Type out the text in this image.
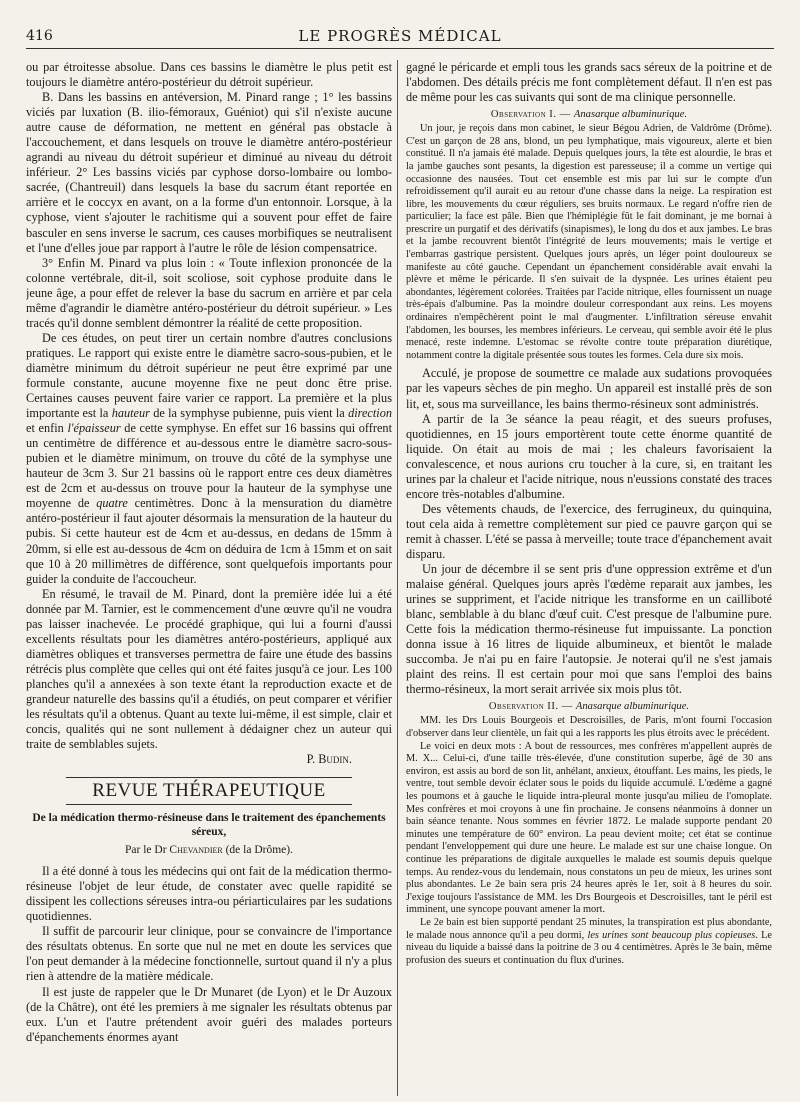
416	LE PROGRÈS MÉDICAL

ou par étroitesse absolue. Dans ces bassins le diamètre le plus petit est toujours le diamètre antéro-postérieur du détroit supérieur.

B. Dans les bassins en antéversion, M. Pinard range ; 1° les bassins viciés par luxation (B. ilio-fémoraux, Guéniot) qui s'il n'existe aucune autre cause de déformation, ne mettent en général pas obstacle à l'accouchement, et dans lesquels on trouve le diamètre antéro-postérieur agrandi au niveau du détroit supérieur et diminué au niveau du détroit inférieur. 2° Les bassins viciés par cyphose dorso-lombaire ou lombo-sacrée, (Chantreuil) dans lesquels la base du sacrum étant reportée en arrière et le coccyx en avant, on a la forme d'un entonnoir. Lorsque, à la cyphose, vient s'ajouter le rachitisme qui a souvent pour effet de faire basculer en sens inverse le sacrum, ces causes morbifiques se neutralisent et l'une d'elles joue par rapport à l'autre le rôle de lésion compensatrice.

3° Enfin M. Pinard va plus loin : « Toute inflexion prononcée de la colonne vertébrale, dit-il, soit scoliose, soit cyphose produite dans le jeune âge, a pour effet de relever la base du sacrum en arrière et par cela même d'agrandir le diamètre antéro-postérieur du détroit supérieur. » Les tracés qu'il donne semblent démontrer la réalité de cette proposition.

De ces études, on peut tirer un certain nombre d'autres conclusions pratiques. Le rapport qui existe entre le diamètre sacro-sous-pubien, et le diamètre minimum du détroit supérieur ne peut être exprimé par une formule constante, aucune moyenne fixe ne peut donc être prise. Certaines causes peuvent faire varier ce rapport. La première et la plus importante est la hauteur de la symphyse pubienne, puis vient la direction et enfin l'épaisseur de cette symphyse. En effet sur 16 bassins qui offrent un centimètre de différence et au-dessous entre le diamètre sacro-sous-pubien et le diamètre minimum, on trouve du côté de la symphyse une hauteur de 3cm 3. Sur 21 bassins où le rapport entre ces deux diamètres est de 2cm et au-dessus on trouve pour la hauteur de la symphyse une moyenne de quatre centimètres. Donc à la mensuration du diamètre antéro-postérieur il faut ajouter désormais la mensuration de la hauteur du pubis. Si cette hauteur est de 4cm et au-dessus, en dedans de 15mm à 20mm, si elle est au-dessous de 4cm on déduira de 1cm à 15mm et on sait que 10 à 20 millimètres de différence, sont quelquefois importants pour guider la conduite de l'accoucheur.

En résumé, le travail de M. Pinard, dont la première idée lui a été donnée par M. Tarnier, est le commencement d'une œuvre qu'il ne voudra pas laisser inachevée. Le procédé graphique, qui lui a fourni d'aussi excellents résultats pour les diamètres antéro-postérieurs, appliqué aux diamètres obliques et transverses permettra de faire une étude des bassins rétrécis plus complète que celles qui ont été faites jusqu'à ce jour. Les 100 planches qu'il a annexées à son texte étant la reproduction exacte et de grandeur naturelle des bassins qu'il a étudiés, on peut comparer et vérifier les résultats qu'il a obtenus. Quant au texte lui-même, il est simple, clair et concis, qualités qui ne sont nullement à dédaigner chez un auteur qui traite de semblables sujets.

P. Budin.
REVUE THÉRAPEUTIQUE
De la médication thermo-résineuse dans le traitement des épanchements séreux,
Par le Dr Chevandier (de la Drôme).

Il a été donné à tous les médecins qui ont fait de la médication thermo-résineuse l'objet de leur étude, de constater avec quelle rapidité se dissipent les collections séreuses intra-ou périarticulaires par les sudations quotidiennes.

Il suffit de parcourir leur clinique, pour se convaincre de l'importance des résultats obtenus. En sorte que nul ne met en doute les services que l'on peut demander à la médecine fonctionnelle, surtout quand il n'y a plus rien à attendre de la matière médicale.

Il est juste de rappeler que le Dr Munaret (de Lyon) et le Dr Auzoux (de la Châtre), ont été les premiers à me signaler les résultats obtenus par eux. L'un et l'autre prétendent avoir guéri des malades porteurs d'épanchements énormes ayant

gagné le péricarde et empli tous les grands sacs séreux de la poitrine et de l'abdomen. Des détails précis me font complètement défaut. Il n'en est pas de même pour les cas suivants qui sont de ma clinique personnelle.

Observation I. — Anasarque albuminurique.

Un jour, je reçois dans mon cabinet, le sieur Bégou Adrien, de Valdrôme (Drôme). C'est un garçon de 28 ans, blond, un peu lymphatique, mais vigoureux, alerte et bien constitué. Il n'a jamais été malade. Depuis quelques jours, la tête est alourdie, le bras et la jambe gauches sont pesants, la digestion est paresseuse; il a comme un vertige qui occasionne des nausées. Tout cet ensemble est mis par lui sur le compte d'un refroidissement qu'il aurait eu au retour d'une chasse dans la neige. La respiration est libre, les mouvements du cœur réguliers, ses bruits normaux. Le regard n'offre rien de particulier; la face est pâle. Bien que l'hémiplégie fût le fait dominant, je me bornai à prescrire un purgatif et des dérivatifs (sinapismes), le long du dos et aux jambes. Le bras et la jambe recouvrent bientôt l'intégrité de leurs mouvements; mais le vertige et l'embarras gastrique persistent. Quelques jours après, un léger point douloureux se manifeste au côté gauche. Cependant un épanchement considérable avait envahi la plèvre et même le péricarde. Il s'en suivait de la dyspnée. Les urines étaient peu abondantes, légèrement colorées. Traitées par l'acide nitrique, elles fournissent un nuage très-épais d'albumine. Pas la moindre douleur correspondant aux reins. Les moyens ordinaires n'empêchèrent point le mal d'augmenter. L'infiltration séreuse envahit l'abdomen, les bourses, les membres inférieurs. Le cerveau, qui semble avoir été le plus menacé, reste indemne. L'estomac se révolte contre toute préparation diurétique, notamment contre la digitale présentée sous toutes les formes. Cela dure six mois.

Acculé, je propose de soumettre ce malade aux sudations provoquées par les vapeurs sèches de pin megho. Un appareil est installé près de son lit, et, sous ma surveillance, les bains thermo-résineux sont administrés.

A partir de la 3e séance la peau réagit, et des sueurs profuses, quotidiennes, en 15 jours emportèrent toute cette énorme quantité de liquide. On était au mois de mai ; les chaleurs favorisaient la convalescence, et nous aurions cru toucher à la cure, si, en traitant les urines par la chaleur et l'acide nitrique, nous n'eussions constaté des traces encore très-notables d'albumine.

Des vêtements chauds, de l'exercice, des ferrugineux, du quinquina, tout cela aida à remettre complètement sur pied ce pauvre garçon qui se remit à chasser. L'été se passa à merveille; toute trace d'épanchement avait disparu.

Un jour de décembre il se sent pris d'une oppression extrême et d'un malaise général. Quelques jours après l'œdème reparait aux jambes, les urines se suppriment, et l'acide nitrique les transforme en un cailliboté blanc, semblable à du blanc d'œuf cuit. C'est presque de l'albumine pure. Cette fois la médication thermo-résineuse fut impuissante. La ponction donna issue à 16 litres de liquide albumineux, et bientôt le malade succomba. Je n'ai pu en faire l'autopsie. Je noterai qu'il ne s'est jamais plaint des reins. Il est certain pour moi que sans l'emploi des bains thermo-résineux, la mort serait arrivée six mois plus tôt.

Observation II. — Anasarque albuminurique.

MM. les Drs Louis Bourgeois et Descroisilles, de Paris, m'ont fourni l'occasion d'observer dans leur clientèle, un fait qui a les rapports les plus étroits avec le précédent.

Le voici en deux mots : A bout de ressources, mes confrères m'appellent auprès de M. X... Celui-ci, d'une taille très-élevée, d'une constitution superbe, âgé de 30 ans environ, est assis au bord de son lit, anhélant, anxieux, étouffant. Les mains, les pieds, le ventre, tout semble devoir éclater sous le poids du liquide accumulé. L'œdème a gagné les poumons et à gauche le liquide intra-pleural monte jusqu'au milieu de l'omoplate. Mes confrères et moi croyons à une fin prochaine. Je consens néanmoins à donner un bain séance tenante. Nous sommes en février 1872. Le malade supporte pendant 20 minutes une température de 60° environ. La peau devient moite; cet état se continue pendant l'enveloppement qui dure une heure. Le malade est sur une chaise longue. On continue les préparations de digitale auxquelles le malade est soumis depuis quelque temps. Au rendez-vous du lendemain, nous constatons un peu de mieux, les urines sont plus abondantes. Le 2e bain sera pris 24 heures après le 1er, soit à 8 heures du soir. J'exige toujours l'assistance de MM. les Drs Bourgeois et Descroisilles, tant le péril est imminent, une syncope pouvant amener la mort.

Le 2e bain est bien supporté pendant 25 minutes, la transpiration est plus abondante, le malade nous annonce qu'il a peu dormi, les urines sont beaucoup plus copieuses. Le niveau du liquide a baissé dans la poitrine de 3 ou 4 centimètres. Après le 3e bain, même profusion des sueurs et continuation du flux d'urines.
